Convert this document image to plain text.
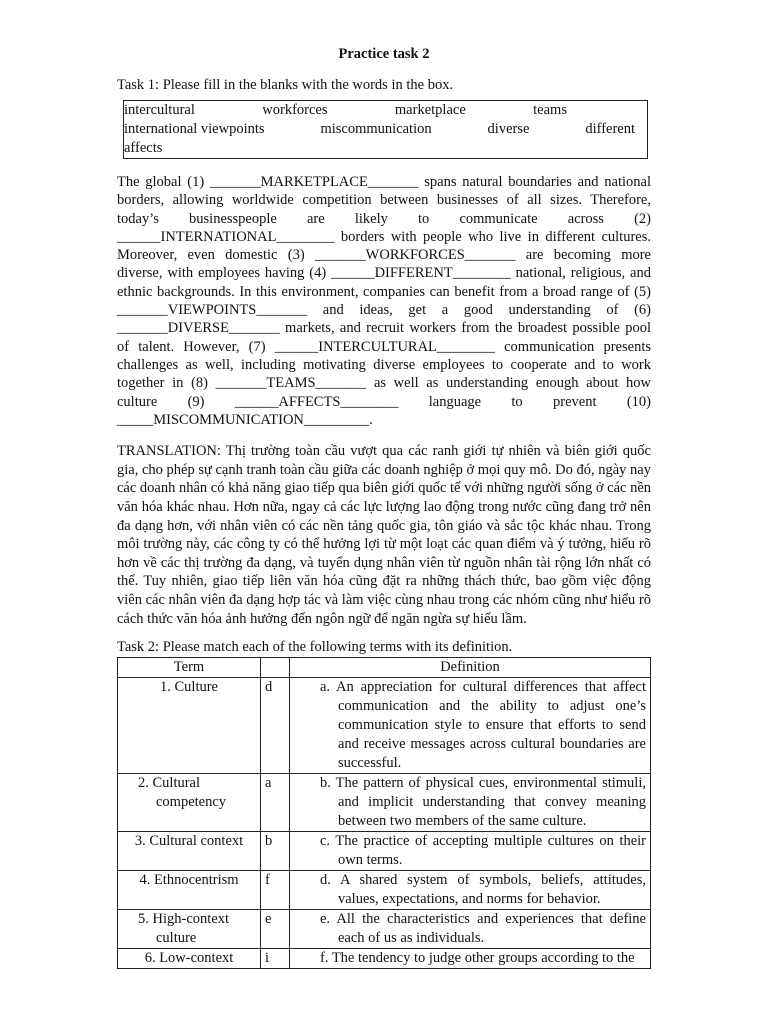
Practice task 2
Task 1: Please fill in the blanks with the words in the box.
intercultural	workforces	marketplace	teams
international viewpoints	miscommunication	diverse	different
affects

The global (1) _______MARKETPLACE_______ spans natural boundaries and national borders, allowing worldwide competition between businesses of all sizes. Therefore, today’s businesspeople are likely to communicate across (2) ______INTERNATIONAL________ borders with people who live in different cultures. Moreover, even domestic (3) _______WORKFORCES_______ are becoming more diverse, with employees having (4) ______DIFFERENT________ national, religious, and ethnic backgrounds. In this environment, companies can benefit from a broad range of (5) _______VIEWPOINTS_______ and ideas, get a good understanding of (6) _______DIVERSE_______ markets, and recruit workers from the broadest possible pool of talent. However, (7) ______INTERCULTURAL________ communication presents challenges as well, including motivating diverse employees to cooperate and to work together in (8) _______TEAMS_______ as well as understanding enough about how culture (9) ______AFFECTS________ language to prevent (10) _____MISCOMMUNICATION_________.

TRANSLATION: Thị trường toàn cầu vượt qua các ranh giới tự nhiên và biên giới quốc gia, cho phép sự cạnh tranh toàn cầu giữa các doanh nghiệp ở mọi quy mô. Do đó, ngày nay các doanh nhân có khả năng giao tiếp qua biên giới quốc tế với những người sống ở các nền văn hóa khác nhau. Hơn nữa, ngay cả các lực lượng lao động trong nước cũng đang trở nên đa dạng hơn, với nhân viên có các nền tảng quốc gia, tôn giáo và sắc tộc khác nhau. Trong môi trường này, các công ty có thể hưởng lợi từ một loạt các quan điểm và ý tưởng, hiểu rõ hơn về các thị trường đa dạng, và tuyển dụng nhân viên từ nguồn nhân tài rộng lớn nhất có thể. Tuy nhiên, giao tiếp liên văn hóa cũng đặt ra những thách thức, bao gồm việc động viên các nhân viên đa dạng hợp tác và làm việc cùng nhau trong các nhóm cũng như hiểu rõ cách thức văn hóa ảnh hưởng đến ngôn ngữ để ngăn ngừa sự hiểu lầm.

Task 2: Please match each of the following terms with its definition.
Term		Definition

1. Culture	d	a. An appreciation for cultural differences that affect communication and the ability to adjust one’s communication style to ensure that efforts to send and receive messages across cultural boundaries are successful.

2. Cultural competency	a	b. The pattern of physical cues, environmental stimuli, and implicit understanding that convey meaning between two members of the same culture.

3. Cultural context	b	c. The practice of accepting multiple cultures on their own terms.

4. Ethnocentrism	f	d. A shared system of symbols, beliefs, attitudes, values, expectations, and norms for behavior.

5. High-context culture	e	e. All the characteristics and experiences that define each of us as individuals.

6. Low-context	i	f. The tendency to judge other groups according to the
